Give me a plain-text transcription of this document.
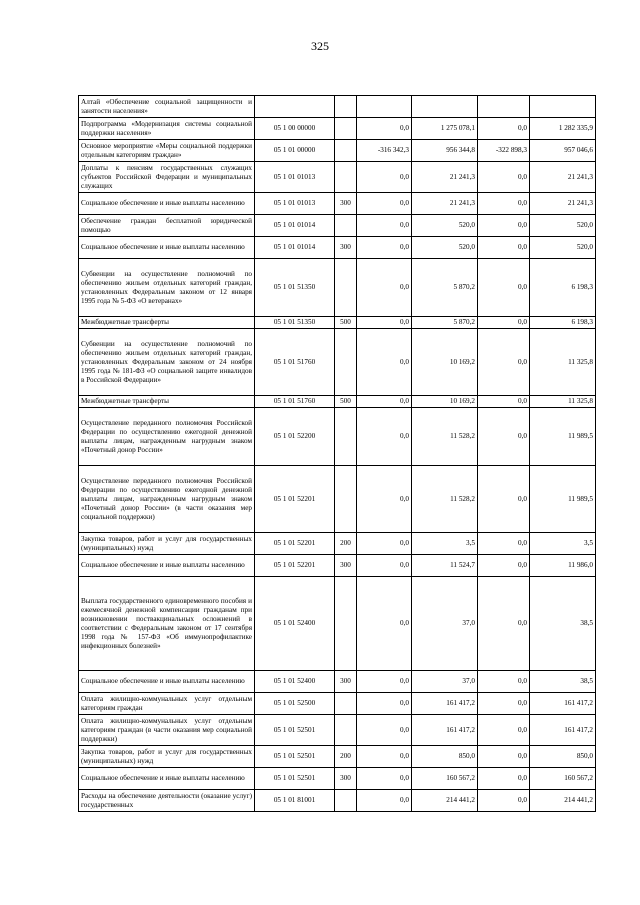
325
Алтай «Обеспечение социальной защищенности и занятости населения»						
Подпрограмма «Модернизация системы социальной поддержки населения»	05 1 00 00000		0,0	1 275 078,1	0,0	1 282 335,9
Основное мероприятие «Меры социальной поддержки отдельным категориям граждан»	05 1 01 00000		-316 342,3	956 344,8	-322 898,3	957 046,6
Доплаты к пенсиям государственных служащих субъектов Российской Федерации и муниципальных служащих	05 1 01 01013		0,0	21 241,3	0,0	21 241,3
Социальное обеспечение и иные выплаты населению	05 1 01 01013	300	0,0	21 241,3	0,0	21 241,3
Обеспечение граждан бесплатной юридической помощью	05 1 01 01014		0,0	520,0	0,0	520,0
Социальное обеспечение и иные выплаты населению	05 1 01 01014	300	0,0	520,0	0,0	520,0
Субвенции на осуществление полномочий по обеспечению жильем отдельных категорий граждан, установленных Федеральным законом от 12 января 1995 года № 5-ФЗ «О ветеранах»	05 1 01 51350		0,0	5 870,2	0,0	6 198,3
Межбюджетные трансферты	05 1 01 51350	500	0,0	5 870,2	0,0	6 198,3
Субвенции на осуществление полномочий по обеспечению жильем отдельных категорий граждан, установленных Федеральным законом от 24 ноября 1995 года № 181-ФЗ «О социальной защите инвалидов в Российской Федерации»	05 1 01 51760		0,0	10 169,2	0,0	11 325,8
Межбюджетные трансферты	05 1 01 51760	500	0,0	10 169,2	0,0	11 325,8
Осуществление переданного полномочия Российской Федерации по осуществлению ежегодной денежной выплаты лицам, награжденным нагрудным знаком «Почетный донор России»	05 1 01 52200		0,0	11 528,2	0,0	11 989,5
Осуществление переданного полномочия Российской Федерации по осуществлению ежегодной денежной выплаты лицам, награжденным нагрудным знаком «Почетный донор России» (в части оказания мер социальной поддержки)	05 1 01 52201		0,0	11 528,2	0,0	11 989,5
Закупка товаров, работ и услуг для государственных (муниципальных) нужд	05 1 01 52201	200	0,0	3,5	0,0	3,5
Социальное обеспечение и иные выплаты населению	05 1 01 52201	300	0,0	11 524,7	0,0	11 986,0
Выплата государственного единовременного пособия и ежемесячной денежной компенсации гражданам при возникновении поствакцинальных осложнений в соответствии с Федеральным законом от 17 сентября 1998 года № 157-ФЗ «Об иммунопрофилактике инфекционных болезней»	05 1 01 52400		0,0	37,0	0,0	38,5
Социальное обеспечение и иные выплаты населению	05 1 01 52400	300	0,0	37,0	0,0	38,5
Оплата жилищно-коммунальных услуг отдельным категориям граждан	05 1 01 52500		0,0	161 417,2	0,0	161 417,2
Оплата жилищно-коммунальных услуг отдельным категориям граждан (в части оказания мер социальной поддержки)	05 1 01 52501		0,0	161 417,2	0,0	161 417,2
Закупка товаров, работ и услуг для государственных (муниципальных) нужд	05 1 01 52501	200	0,0	850,0	0,0	850,0
Социальное обеспечение и иные выплаты населению	05 1 01 52501	300	0,0	160 567,2	0,0	160 567,2
Расходы на обеспечение деятельности (оказание услуг) государственных	05 1 01 81001		0,0	214 441,2	0,0	214 441,2
